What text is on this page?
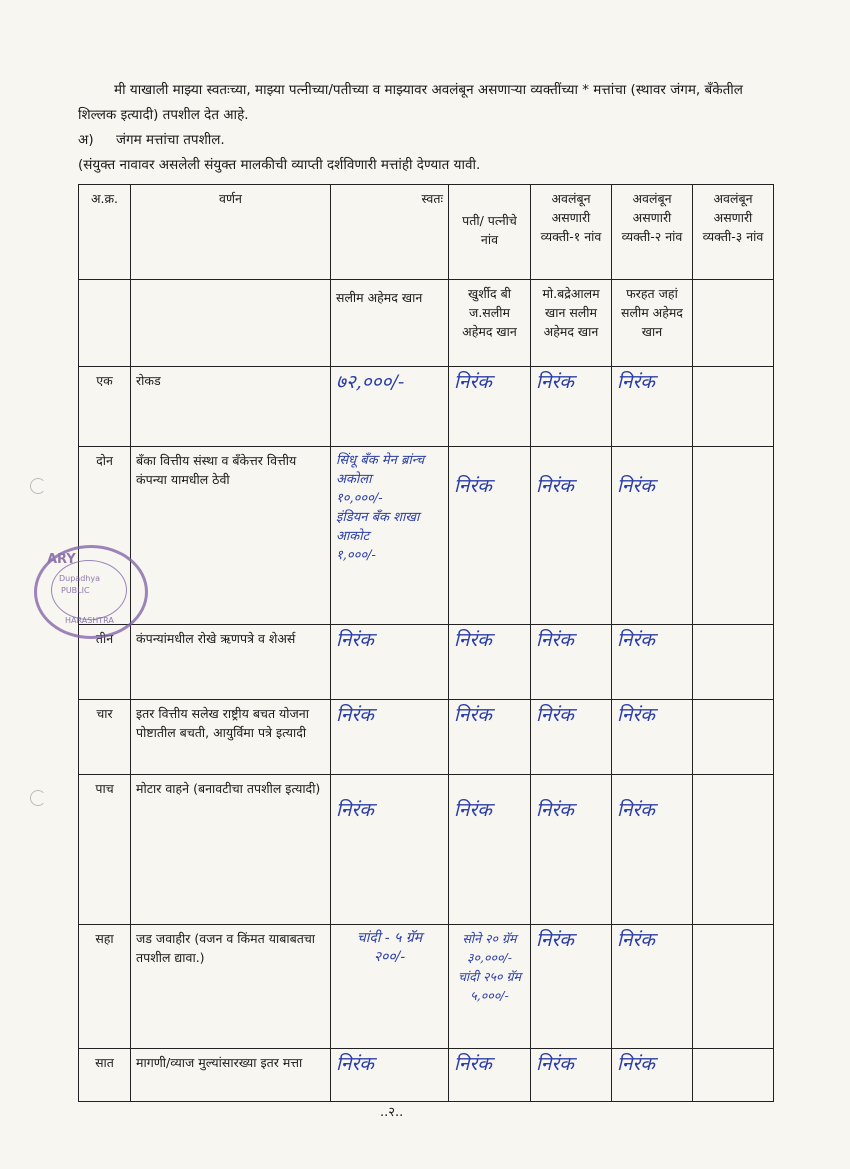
मी याखाली माझ्या स्वतःच्या, माझ्या पत्नीच्या/पतीच्या व माझ्यावर अवलंबून असणाऱ्या व्यक्तींच्या * मत्तांचा (स्थावर जंगम, बँकेतील शिल्लक इत्यादी) तपशील देत आहे.

अ)	जंगम मत्तांचा तपशील.

(संयुक्त नावावर असलेली संयुक्त मालकीची व्याप्ती दर्शविणारी मत्तांही देण्यात यावी.

अ.क्र.	वर्णन	स्वतः	पती/ पत्नीचे नांव	अवलंबून असणारी व्यक्ती-१ नांव	अवलंबून असणारी व्यक्ती-२ नांव	अवलंबून असणारी व्यक्ती-३ नांव
		सलीम अहेमद खान	खुर्शीद बी ज.सलीम अहेमद खान	मो.बद्रेआलम खान सलीम अहेमद खान	फरहत जहां सलीम अहेमद खान	
एक	रोकड	७२,०००/-	निरंक	निरंक	निरंक	
दोन	बँका वित्तीय संस्था व बँकेत्तर वित्तीय कंपन्या यामधील ठेवी	सिंधू बँक मेन ब्रांन्च अकोला
१०,०००/-
इंडियन बँक शाखा आकोट
१,०००/-	निरंक	निरंक	निरंक	
तीन	कंपन्यांमधील रोखे ऋणपत्रे व शेअर्स	निरंक	निरंक	निरंक	निरंक	
चार	इतर वित्तीय सलेख राष्ट्रीय बचत योजना पोष्टातील बचती, आयुर्विमा पत्रे इत्यादी	निरंक	निरंक	निरंक	निरंक	
पाच	मोटार वाहने (बनावटीचा तपशील इत्यादी)	निरंक	निरंक	निरंक	निरंक	
सहा	जड जवाहीर (वजन व किंमत याबाबतचा तपशील द्यावा.)	चांदी - ५ ग्रॅम
२००/-	सोने २० ग्रॅम
३०,०००/-
चांदी २५० ग्रॅम
५,०००/-	निरंक	निरंक	
सात	मागणी/व्याज मुल्यांसारख्या इतर मत्ता	निरंक	निरंक	निरंक	निरंक	
ARY
Dupadhya
PUBLIC
HARASHTRA
..२..
